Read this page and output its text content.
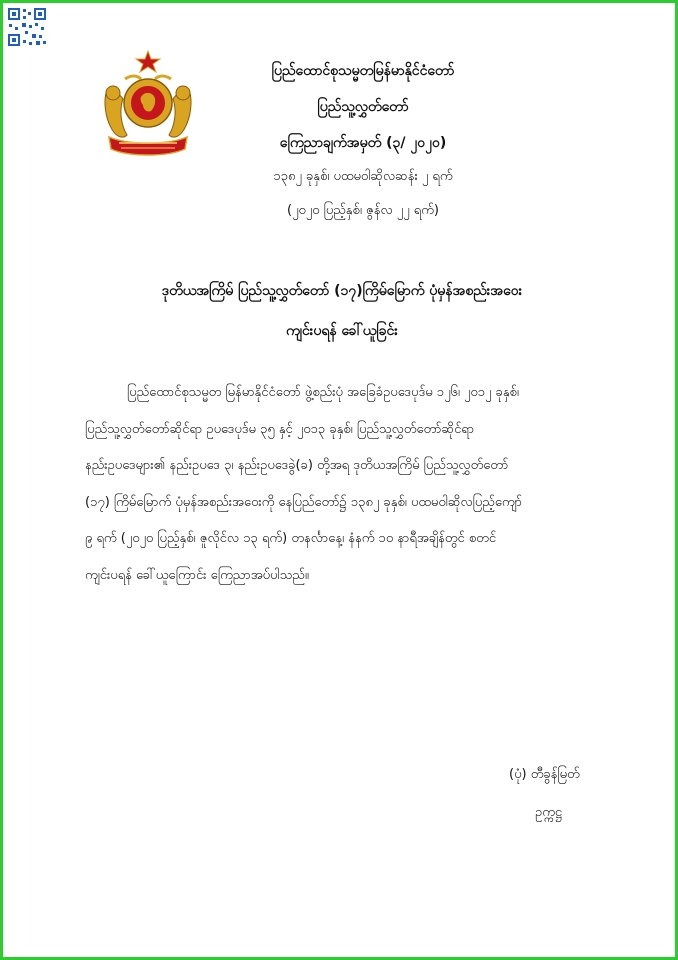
ပြည်ထောင်စုသမ္မတမြန်မာနိုင်ငံတော်
ပြည်သူ့လွှတ်တော်
ကြေညာချက်အမှတ် (၃/ ၂၀၂၀)
၁၃၈၂ ခုနှစ်၊ ပထမဝါဆိုလဆန်း ၂ ရက်
(၂၀၂၀ ပြည့်နှစ်၊ ဇွန်လ ၂၂ ရက်)
ဒုတိယအကြိမ် ပြည်သူ့လွှတ်တော် (၁၇)ကြိမ်မြောက် ပုံမှန်အစည်းအဝေး
ကျင်းပရန် ခေါ်ယူခြင်း
ပြည်ထောင်စုသမ္မတ မြန်မာနိုင်ငံတော် ဖွဲ့စည်းပုံ အခြေခံဥပဒေပုဒ်မ ၁၂၆၊ ၂၀၁၂ ခုနှစ်၊
ပြည်သူ့လွှတ်တော်ဆိုင်ရာ ဥပဒေပုဒ်မ ၃၅ နှင့် ၂၀၁၃ ခုနှစ်၊ ပြည်သူ့လွှတ်တော်ဆိုင်ရာ
နည်းဥပဒေများ၏ နည်းဥပဒေ ၃၊ နည်းဥပဒေခွဲ(ခ) တို့အရ ဒုတိယအကြိမ် ပြည်သူ့လွှတ်တော်
(၁၇) ကြိမ်မြောက် ပုံမှန်အစည်းအဝေးကို နေပြည်တော်၌ ၁၃၈၂ ခုနှစ်၊ ပထမဝါဆိုလပြည့်ကျော်
၉ ရက် (၂၀၂၀ ပြည့်နှစ်၊ ဇူလိုင်လ ၁၃ ရက်) တနင်္လာနေ့၊ နံနက် ၁၀ နာရီအချိန်တွင် စတင်
ကျင်းပရန် ခေါ်ယူကြောင်း ကြေညာအပ်ပါသည်။
(ပုံ) တီခွန်မြတ်
ဥက္ကဋ္ဌ
